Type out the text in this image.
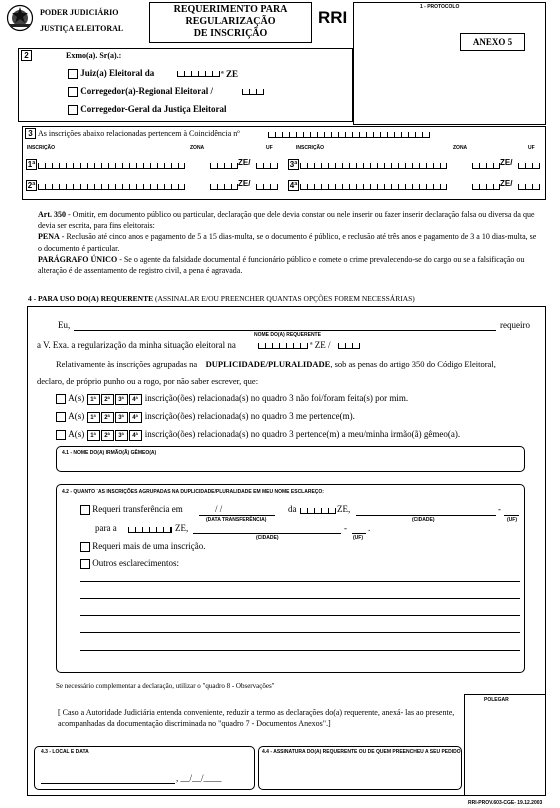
PODER JUDICIÁRIO
JUSTIÇA ELEITORAL
REQUERIMENTO PARA
REGULARIZAÇÃO
DE INSCRIÇÃO
RRI
1 - PROTOCOLO
ANEXO 5
2	Exmo(a). Sr(a).:
Juiz(a) Eleitoral da	ª ZE
Corregedor(a)-Regional Eleitoral /
Corregedor-Geral da Justiça Eleitoral
3 As inscrições abaixo relacionadas pertencem à Coincidência nº
INSCRIÇÃO	ZONA	UF	INSCRIÇÃO	ZONA	UF
1ª	ZE/	3ª	ZE/
2ª	ZE/	4ª	ZE/
Art. 350 - Omitir, em documento público ou particular, declaração que dele devia constar ou nele inserir ou fazer inserir declaração falsa ou diversa da que devia ser escrita, para fins eleitorais:
PENA - Reclusão até cinco anos e pagamento de 5 a 15 dias-multa, se o documento é público, e reclusão até três anos e pagamento de 3 a 10 dias-multa, se o documento é particular.
PARÁGRAFO ÚNICO - Se o agente da falsidade documental é funcionário público e comete o crime prevalecendo-se do cargo ou se a falsificação ou alteração é de assentamento de registro civil, a pena é agravada.
4 - PARA USO DO(A) REQUERENTE (ASSINALAR E/OU PREENCHER QUANTAS OPÇÕES FOREM NECESSÁRIAS)
Eu,	requeiro
NOME DO(A) REQUERENTE
a V. Exa. a regularização da minha situação eleitoral na	ª ZE /
Relativamente às inscrições agrupadas na DUPLICIDADE/PLURALIDADE, sob as penas do artigo 350 do Código Eleitoral,
declaro, de próprio punho ou a rogo, por não saber escrever, que:
A(s) 1ª 2ª 3ª 4ª inscrição(ões) relacionada(s) no quadro 3 não foi/foram feita(s) por mim.
A(s) 1ª 2ª 3ª 4ª inscrição(ões) relacionada(s) no quadro 3 me pertence(m).
A(s) 1ª 2ª 3ª 4ª inscrição(ões) relacionada(s) no quadro 3 pertence(m) a meu/minha irmão(ã) gêmeo(a).
4.1 - NOME DO(A) IRMÃO(Ã) GÊMEO(A)
4.2 - QUANTO `AS INSCRIÇÕES AGRUPADAS NA DUPLICIDADE/PLURALIDADE EM MEU NOME ESCLAREÇO:
Requeri transferência em	/ /	da	ZE,	-
(DATA TRANSFERÊNCIA)	(CIDADE)	(UF)
para a	ZE,	- .
(CIDADE)	(UF)
Requeri mais de uma inscrição.
Outros esclarecimentos:
Se necessário complementar a declaração, utilizar o "quadro 8 - Observações"
POLEGAR
[ Caso a Autoridade Judiciária entenda conveniente, reduzir a termo as declarações do(a) requerente, anexá- las ao presente, acompanhadas da documentação discriminada no "quadro 7 - Documentos Anexos".]
4.3 - LOCAL E DATA
, __/__/____
4.4 - ASSINATURA DO(A) REQUERENTE OU DE QUEM PREENCHEU A SEU PEDIDO
RRI-PROV.603-CGE- 19.12.2003
